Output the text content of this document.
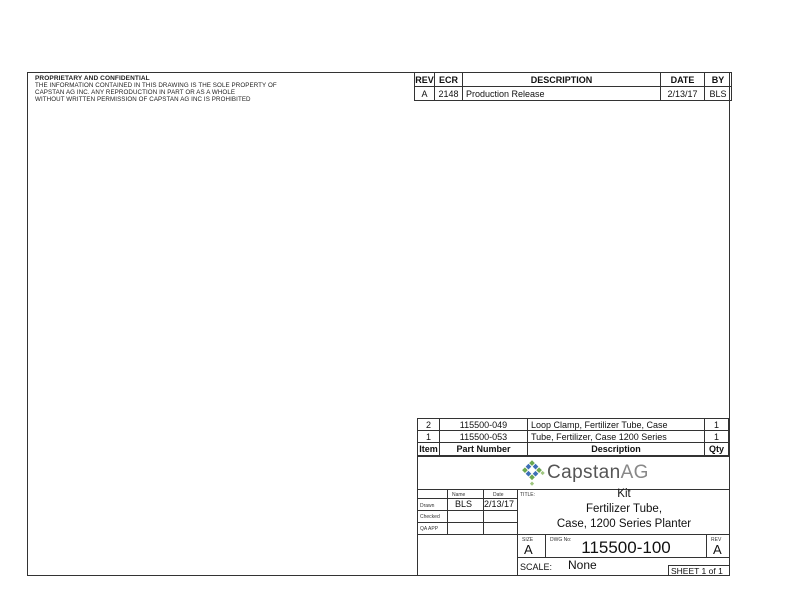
PROPRIETARY AND CONFIDENTIAL
THE INFORMATION CONTAINED IN THIS DRAWING IS THE SOLE PROPERTY OF
CAPSTAN AG INC. ANY REPRODUCTION IN PART OR AS A WHOLE
WITHOUT WRITTEN PERMISSION OF CAPSTAN AG INC IS PROHIBITED
REV	ECR	DESCRIPTION	DATE	BY
A	2148	Production Release	2/13/17	BLS
2	115500-049	Loop Clamp, Fertilizer Tube, Case	1
1	115500-053	Tube, Fertilizer, Case 1200 Series	1
Item	Part Number	Description	Qty
Capstan AG
Name	Date
Drawn BLS 2/13/17
Checked
QA APP
TITLE:	Kit
Fertilizer Tube,
Case, 1200 Series Planter
SIZE
A
DWG No: 115500-100	REV
A
SCALE: None	SHEET 1 of 1
